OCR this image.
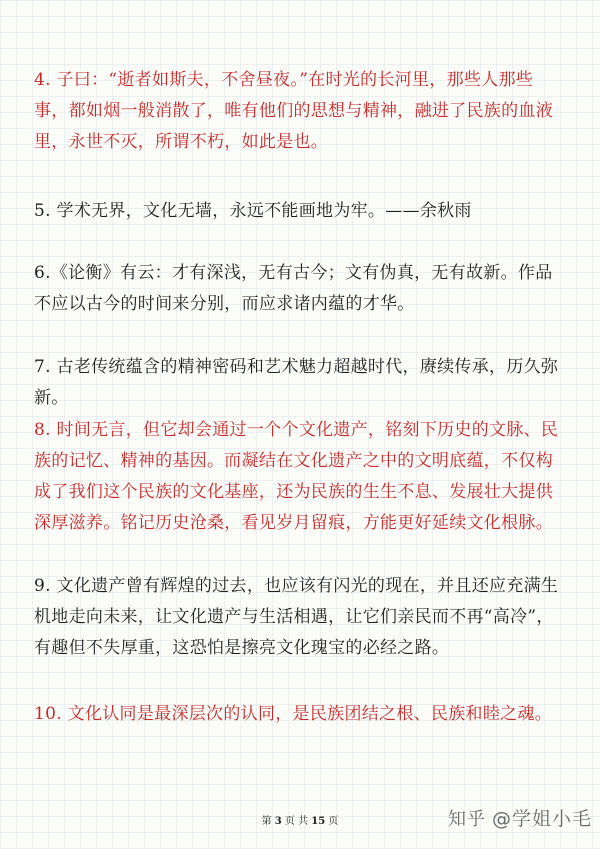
4. 子曰：“逝者如斯夫，不舍昼夜。”在时光的长河里，那些人那些事，都如烟一般消散了，唯有他们的思想与精神，融进了民族的血液里，永世不灭，所谓不朽，如此是也。

5. 学术无界，文化无墙，永远不能画地为牢。——余秋雨

6.《论衡》有云：才有深浅，无有古今；文有伪真，无有故新。作品不应以古今的时间来分别，而应求诸内蕴的才华。

7. 古老传统蕴含的精神密码和艺术魅力超越时代，赓续传承，历久弥新。

8. 时间无言，但它却会通过一个个文化遗产，铭刻下历史的文脉、民族的记忆、精神的基因。而凝结在文化遗产之中的文明底蕴，不仅构成了我们这个民族的文化基座，还为民族的生生不息、发展壮大提供深厚滋养。铭记历史沧桑，看见岁月留痕，方能更好延续文化根脉。

9. 文化遗产曾有辉煌的过去，也应该有闪光的现在，并且还应充满生机地走向未来，让文化遗产与生活相遇，让它们亲民而不再“高冷”，有趣但不失厚重，这恐怕是擦亮文化瑰宝的必经之路。

10. 文化认同是最深层次的认同，是民族团结之根、民族和睦之魂。

第 3 页 共 15 页	知乎 @学姐小毛
